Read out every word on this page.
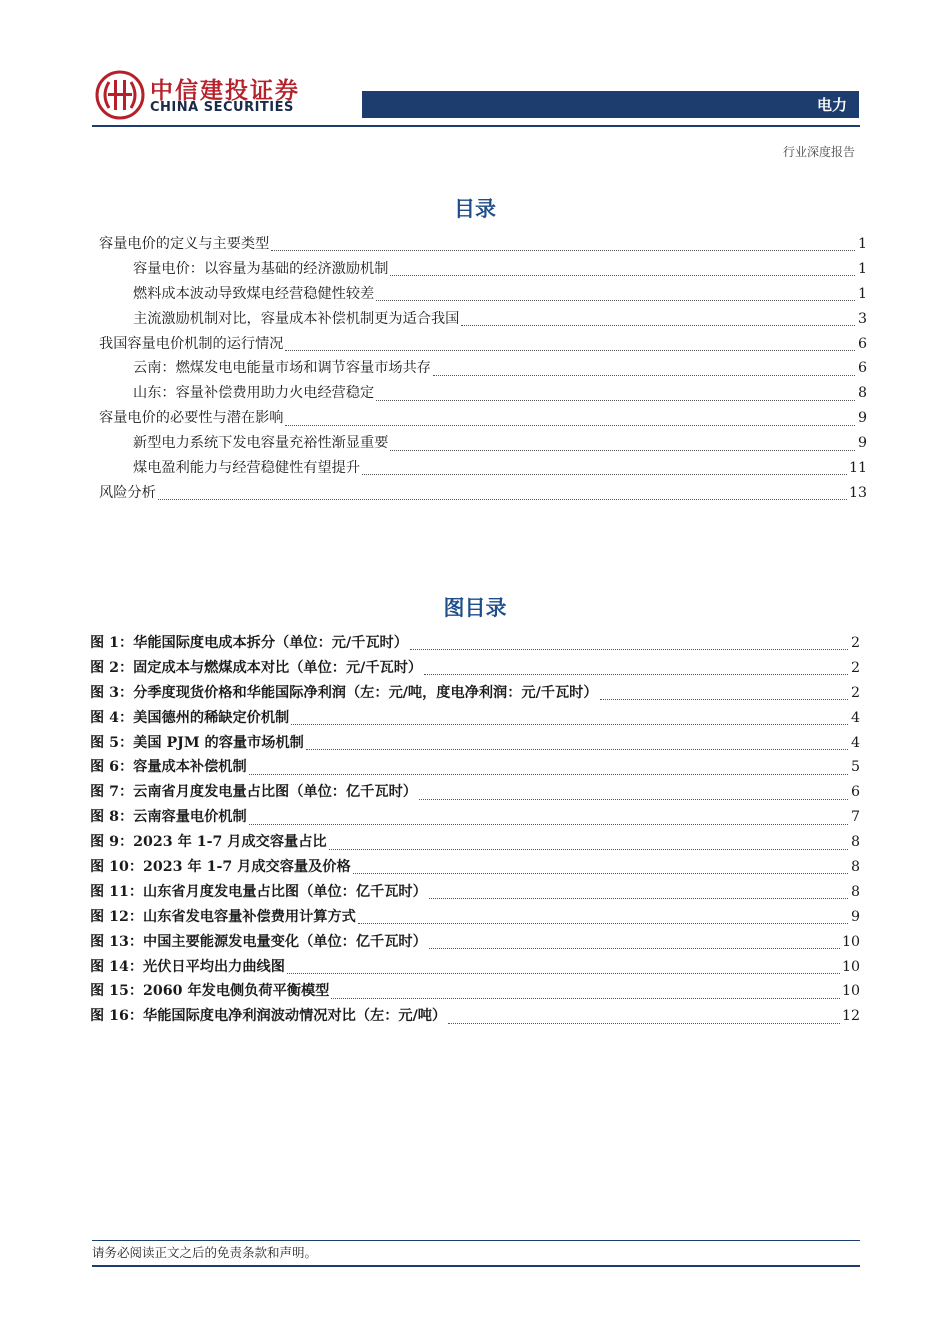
中信建投证券
CHINA SECURITIES	电力
行业深度报告
目录
容量电价的定义与主要类型	1
容量电价：以容量为基础的经济激励机制	1
燃料成本波动导致煤电经营稳健性较差	1
主流激励机制对比，容量成本补偿机制更为适合我国	3
我国容量电价机制的运行情况	6
云南：燃煤发电电能量市场和调节容量市场共存	6
山东：容量补偿费用助力火电经营稳定	8
容量电价的必要性与潜在影响	9
新型电力系统下发电容量充裕性渐显重要	9
煤电盈利能力与经营稳健性有望提升	11
风险分析	13
图目录
图 1：华能国际度电成本拆分（单位：元/千瓦时）	2
图 2：固定成本与燃煤成本对比（单位：元/千瓦时）	2
图 3：分季度现货价格和华能国际净利润（左：元/吨，度电净利润：元/千瓦时）	2
图 4：美国德州的稀缺定价机制	4
图 5：美国 PJM 的容量市场机制	4
图 6：容量成本补偿机制	5
图 7：云南省月度发电量占比图（单位：亿千瓦时）	6
图 8：云南容量电价机制	7
图 9：2023 年 1-7 月成交容量占比	8
图 10：2023 年 1-7 月成交容量及价格	8
图 11：山东省月度发电量占比图（单位：亿千瓦时）	8
图 12：山东省发电容量补偿费用计算方式	9
图 13：中国主要能源发电量变化（单位：亿千瓦时）	10
图 14：光伏日平均出力曲线图	10
图 15：2060 年发电侧负荷平衡模型	10
图 16：华能国际度电净利润波动情况对比（左：元/吨）	12
请务必阅读正文之后的免责条款和声明。
